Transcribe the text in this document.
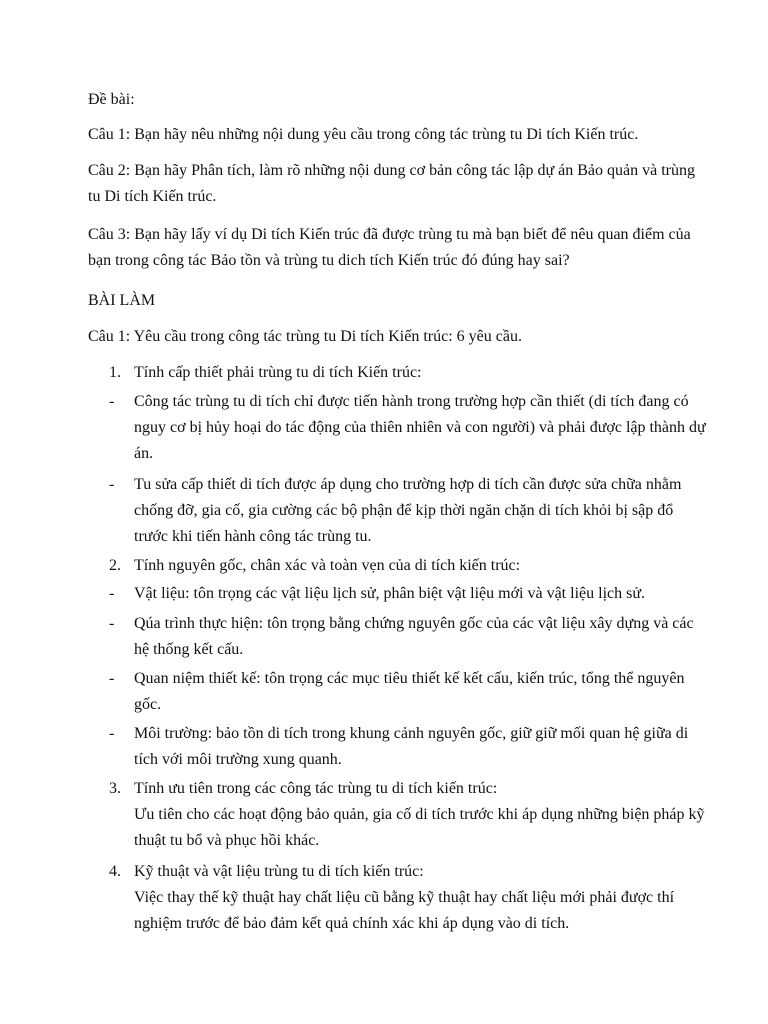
Đề bài:

Câu 1: Bạn hãy nêu những nội dung yêu cầu trong công tác trùng tu Di tích Kiến trúc.

Câu 2: Bạn hãy Phân tích, làm rõ những nội dung cơ bản công tác lập dự án Bảo quản và trùng tu Di tích Kiến trúc.

Câu 3: Bạn hãy lấy ví dụ Di tích Kiến trúc đã được trùng tu mà bạn biết để nêu quan điểm của bạn trong công tác Bảo tồn và trùng tu dich tích Kiến trúc đó đúng hay sai?

BÀI LÀM

Câu 1: Yêu cầu trong công tác trùng tu Di tích Kiến trúc: 6 yêu cầu.

1. Tính cấp thiết phải trùng tu di tích Kiến trúc:
-	Công tác trùng tu di tích chỉ được tiến hành trong trường hợp cần thiết (di tích đang có nguy cơ bị hủy hoại do tác động của thiên nhiên và con người) và phải được lập thành dự án.
-	Tu sửa cấp thiết di tích được áp dụng cho trường hợp di tích cần được sửa chữa nhằm chống đỡ, gia cố, gia cường các bộ phận để kịp thời ngăn chặn di tích khỏi bị sập đổ trước khi tiến hành công tác trùng tu.
2. Tính nguyên gốc, chân xác và toàn vẹn của di tích kiến trúc:
-	Vật liệu: tôn trọng các vật liệu lịch sử, phân biệt vật liệu mới và vật liệu lịch sử.
-	Qúa trình thực hiện: tôn trọng bằng chứng nguyên gốc của các vật liệu xây dựng và các hệ thống kết cấu.
-	Quan niệm thiết kế: tôn trọng các mục tiêu thiết kế kết cấu, kiến trúc, tổng thể nguyên gốc.
-	Môi trường: bảo tồn di tích trong khung cảnh nguyên gốc, giữ giữ mối quan hệ giữa di tích với môi trường xung quanh.
3. Tính ưu tiên trong các công tác trùng tu di tích kiến trúc:
Ưu tiên cho các hoạt động bảo quản, gia cố di tích trước khi áp dụng những biện pháp kỹ thuật tu bổ và phục hồi khác.
4. Kỹ thuật và vật liệu trùng tu di tích kiến trúc:
Việc thay thế kỹ thuật hay chất liệu cũ bằng kỹ thuật hay chất liệu mới phải được thí nghiệm trước để bảo đảm kết quả chính xác khi áp dụng vào di tích.
